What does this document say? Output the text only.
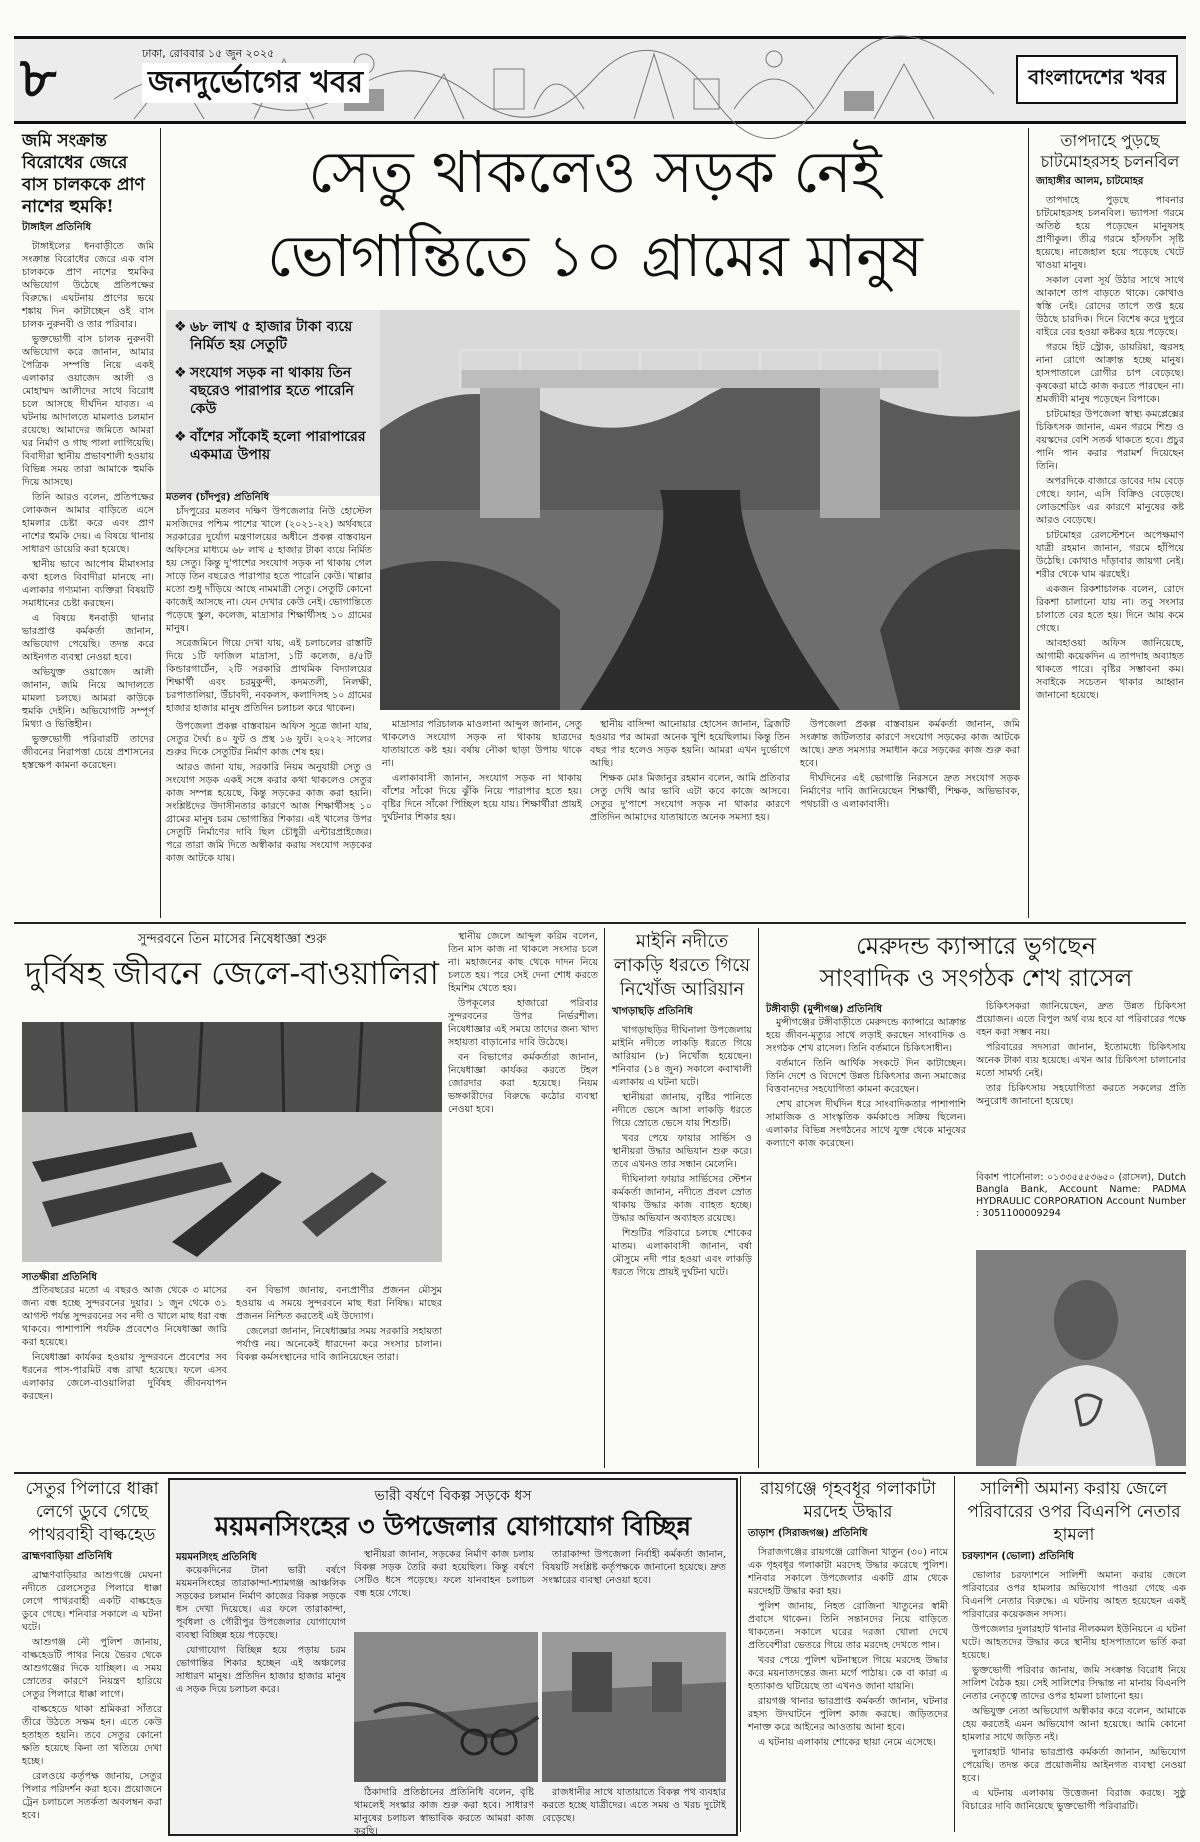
৮	ঢাকা, রোববার ১৫ জুন ২০২৫
জনদুর্ভোগের খবর	বাংলাদেশের খবর
জমি সংক্রান্ত বিরোধের জেরে বাস চালককে প্রাণ নাশের হুমকি!
টাঙ্গাইল প্রতিনিধি

টাঙ্গাইলের ধনবাড়ীতে জমি সংক্রান্ত বিরোধের জেরে এক বাস চালককে প্রাণ নাশের হুমকির অভিযোগ উঠেছে প্রতিপক্ষের বিরুদ্ধে। এঘটনায় প্রাণের ভয়ে শঙ্কায় দিন কাটাচ্ছেন ওই বাস চালক নুরুনবী ও তার পরিবার।

ভুক্তভোগী বাস চালক নুরুনবী অভিযোগ করে জানান, আমার পৈত্রিক সম্পত্তি নিয়ে একই এলাকার ওয়াজেদ আলী ও মোহাম্মদ আলীদের সাথে বিরোধ চলে আসছে দীর্ঘদিন যাবত। এ ঘটনায় আদালতে মামলাও চলমান রয়েছে। আমাদের জমিতে আমরা ঘর নির্মাণ ও গাছ পালা লাগিয়েছি। বিবাদীরা স্থানীয় প্রভাবশালী হওয়ায় বিভিন্ন সময় তারা আমাকে হুমকি দিয়ে আসছে।

তিনি আরও বলেন, প্রতিপক্ষের লোকজন আমার বাড়িতে এসে হামলার চেষ্টা করে এবং প্রাণ নাশের হুমকি দেয়। এ বিষয়ে থানায় সাধারণ ডায়েরি করা হয়েছে।

স্থানীয় ভাবে আপোষ মীমাংসার কথা হলেও বিবাদীরা মানছে না। এলাকার গণ্যমান্য ব্যক্তিরা বিষয়টি সমাধানের চেষ্টা করছেন।

এ বিষয়ে ধনবাড়ী থানার ভারপ্রাপ্ত কর্মকর্তা জানান, অভিযোগ পেয়েছি। তদন্ত করে আইনগত ব্যবস্থা নেওয়া হবে।

অভিযুক্ত ওয়াজেদ আলী জানান, জমি নিয়ে আদালতে মামলা চলছে। আমরা কাউকে হুমকি দেইনি। অভিযোগটি সম্পূর্ণ মিথ্যা ও ভিত্তিহীন।

ভুক্তভোগী পরিবারটি তাদের জীবনের নিরাপত্তা চেয়ে প্রশাসনের হস্তক্ষেপ কামনা করেছেন।

সেতু থাকলেও সড়ক নেই
ভোগান্তিতে ১০ গ্রামের মানুষ
❖ ৬৮ লাখ ৫ হাজার টাকা ব্যয়ে নির্মিত হয় সেতুটি
❖ সংযোগ সড়ক না থাকায় তিন বছরেও পারাপার হতে পারেনি কেউ
❖ বাঁশের সাঁকোই হলো পারাপারের একমাত্র উপায়
মতলব (চাঁদপুর) প্রতিনিধি

চাঁদপুরের মতলব দক্ষিণ উপজেলার নিউ হোস্টেল মসজিদের পশ্চিম পাশের খালে (২০২১-২২) অর্থবছরে সরকারের দুর্যোগ মন্ত্রণালয়ের অধীনে প্রকল্প বাস্তবায়ন অফিসের মাধ্যমে ৬৮ লাখ ৫ হাজার টাকা ব্যয়ে নির্মিত হয় সেতু। কিন্তু দু'পাশের সংযোগ সড়ক না থাকায় গেল সাড়ে তিন বছরেও পারাপার হতে পারেনি কেউ। খাল্লার মতো শুধু দাঁড়িয়ে আছে নামমাত্রী সেতু। সেতুটি কোনো কাজেই আসছে না। যেন দেখার কেউ নেই। ভোগান্তিতে পড়েছে স্কুল, কলেজ, মাদ্রাসার শিক্ষার্থীসহ ১০ গ্রামের মানুষ।

সরেজমিনে গিয়ে দেখা যায়, এই চলাচলের রাস্তাটি দিয়ে ১টি ফাজিল মাদ্রাসা, ১টি কলেজ, ৪/৫টি কিন্ডারগার্টেন, ২টি সরকারি প্রাথমিক বিদ্যালয়ের শিক্ষার্থী এবং চরমুকুন্দী, কদমতলী, নিলক্ষী, চরপাতালিয়া, উঁচাবদী, নবকলস, কলাদিসহ ১০ গ্রামের হাজার হাজার মানুষ প্রতিদিন চলাচল করে থাকেন।

উপজেলা প্রকল্প বাস্তবায়ন অফিস সূত্রে জানা যায়, সেতুর দৈর্ঘ্য ৪০ ফুট ও প্রস্থ ১৬ ফুট। ২০২২ সালের শুরুর দিকে সেতুটির নির্মাণ কাজ শেষ হয়।

আরও জানা যায়, সরকারি নিয়ম অনুযায়ী সেতু ও সংযোগ সড়ক একই সঙ্গে করার কথা থাকলেও সেতুর কাজ সম্পন্ন হয়েছে, কিন্তু সড়কের কাজ করা হয়নি। সংশ্লিষ্টদের উদাসীনতার কারণে আজ শিক্ষার্থীসহ ১০ গ্রামের মানুষ চরম ভোগান্তির শিকার। এই খালের উপর সেতুটি নির্মাণের দাবি ছিল চৌধুরী এন্টারপ্রাইজের। পরে তারা জমি দিতে অস্বীকার করায় সংযোগ সড়কের কাজ আটকে যায়।

মাদ্রাসার পরিচালক মাওলানা আব্দুল জানান, সেতু থাকলেও সংযোগ সড়ক না থাকায় ছাত্রদের যাতায়াতে কষ্ট হয়। বর্ষায় নৌকা ছাড়া উপায় থাকে না।

এলাকাবাসী জানান, সংযোগ সড়ক না থাকায় বাঁশের সাঁকো দিয়ে ঝুঁকি নিয়ে পারাপার হতে হয়। বৃষ্টির দিনে সাঁকো পিচ্ছিল হয়ে যায়। শিক্ষার্থীরা প্রায়ই দুর্ঘটনার শিকার হয়।

স্থানীয় বাসিন্দা আনোয়ার হোসেন জানান, ব্রিজটি হওয়ার পর আমরা অনেক খুশি হয়েছিলাম। কিন্তু তিন বছর পার হলেও সড়ক হয়নি। আমরা এখন দুর্ভোগে আছি।

শিক্ষক মোঃ মিজানুর রহমান বলেন, আমি প্রতিবার সেতু দেখি আর ভাবি এটা কবে কাজে আসবে। সেতুর দু'পাশে সংযোগ সড়ক না থাকার কারণে প্রতিদিন আমাদের যাতায়াতে অনেক সমস্যা হয়।

উপজেলা প্রকল্প বাস্তবায়ন কর্মকর্তা জানান, জমি সংক্রান্ত জটিলতার কারণে সংযোগ সড়কের কাজ আটকে আছে। দ্রুত সমস্যার সমাধান করে সড়কের কাজ শুরু করা হবে।

দীর্ঘদিনের এই ভোগান্তি নিরসনে দ্রুত সংযোগ সড়ক নির্মাণের দাবি জানিয়েছেন শিক্ষার্থী, শিক্ষক, অভিভাবক, পথচারী ও এলাকাবাসী।

তাপদাহে পুড়ছে চাটমোহরসহ চলনবিল
জাহাঙ্গীর আলম, চাটমোহর

তাপদাহে পুড়ছে পাবনার চাটমোহরসহ চলনবিল। ভ্যাপসা গরমে অতিষ্ঠ হয়ে পড়েছেন মানুষসহ প্রাণীকুল। তীব্র গরমে হাঁসফাঁস সৃষ্টি হয়েছে। নাজেহাল হয়ে পড়েছে খেটে খাওয়া মানুষ।

সকাল বেলা সূর্য উঠার সাথে সাথে আকাশে তাপ বাড়তে থাকে। কোথাও স্বস্তি নেই। রোদের তাপে তপ্ত হয়ে উঠছে চারদিক। দিনে বিশেষ করে দুপুরে বাইরে বের হওয়া কষ্টকর হয়ে পড়েছে।

গরমে হিট স্ট্রোক, ডায়রিয়া, জ্বরসহ নানা রোগে আক্রান্ত হচ্ছে মানুষ। হাসপাতালে রোগীর চাপ বেড়েছে। কৃষকেরা মাঠে কাজ করতে পারছেন না। শ্রমজীবী মানুষ পড়েছেন বিপাকে।

চাটমোহর উপজেলা স্বাস্থ্য কমপ্লেক্সের চিকিৎসক জানান, এমন গরমে শিশু ও বয়স্কদের বেশি সতর্ক থাকতে হবে। প্রচুর পানি পান করার পরামর্শ দিয়েছেন তিনি।

অপরদিকে বাজারে ডাবের দাম বেড়ে গেছে। ফ্যান, এসি বিক্রিও বেড়েছে। লোডশেডিং এর কারণে মানুষের কষ্ট আরও বেড়েছে।

চাটমোহর রেলস্টেশনে অপেক্ষমাণ যাত্রী রহমান জানান, গরমে হাঁপিয়ে উঠেছি। কোথাও দাঁড়াবার জায়গা নেই। শরীর থেকে ঘাম ঝরছেই।

একজন রিকশাচালক বলেন, রোদে রিকশা চালানো যায় না। তবু সংসার চালাতে বের হতে হয়। দিনে আয় কমে গেছে।

আবহাওয়া অফিস জানিয়েছে, আগামী কয়েকদিন এ তাপদাহ অব্যাহত থাকতে পারে। বৃষ্টির সম্ভাবনা কম। সবাইকে সচেতন থাকার আহ্বান জানানো হয়েছে।

সুন্দরবনে তিন মাসের নিষেধাজ্ঞা শুরু
দুর্বিষহ জীবনে জেলে-বাওয়ালিরা
সাতক্ষীরা প্রতিনিধি

প্রতিবছরের মতো এ বছরও আজ থেকে ৩ মাসের জন্য বন্ধ হচ্ছে সুন্দরবনের দুয়ার। ১ জুন থেকে ৩১ আগস্ট পর্যন্ত সুন্দরবনের সব নদী ও খালে মাছ ধরা বন্ধ থাকবে। পাশাপাশি পর্যটক প্রবেশেও নিষেধাজ্ঞা জারি করা হয়েছে।

নিষেধাজ্ঞা কার্যকর হওয়ায় সুন্দরবনে প্রবেশের সব ধরনের পাস-পারমিট বন্ধ রাখা হয়েছে। ফলে এসব এলাকার জেলে-বাওয়ালিরা দুর্বিষহ জীবনযাপন করছেন।

বন বিভাগ জানায়, বন্যপ্রাণীর প্রজনন মৌসুম হওয়ায় এ সময়ে সুন্দরবনে মাছ ধরা নিষিদ্ধ। মাছের প্রজনন নিশ্চিত করতেই এই উদ্যোগ।

জেলেরা জানান, নিষেধাজ্ঞার সময় সরকারি সহায়তা পর্যাপ্ত নয়। অনেকেই ধারদেনা করে সংসার চালান। বিকল্প কর্মসংস্থানের দাবি জানিয়েছেন তারা।

স্থানীয় জেলে আব্দুল করিম বলেন, তিন মাস কাজ না থাকলে সংসার চলে না। মহাজনের কাছ থেকে দাদন নিয়ে চলতে হয়। পরে সেই দেনা শোধ করতে হিমশিম খেতে হয়।

উপকূলের হাজারো পরিবার সুন্দরবনের উপর নির্ভরশীল। নিষেধাজ্ঞার এই সময়ে তাদের জন্য খাদ্য সহায়তা বাড়ানোর দাবি উঠেছে।

বন বিভাগের কর্মকর্তারা জানান, নিষেধাজ্ঞা কার্যকর করতে টহল জোরদার করা হয়েছে। নিয়ম ভঙ্গকারীদের বিরুদ্ধে কঠোর ব্যবস্থা নেওয়া হবে।

মাইনি নদীতে লাকড়ি ধরতে গিয়ে নিখোঁজ আরিয়ান
খাগড়াছড়ি প্রতিনিধি

খাগড়াছড়ির দীঘিনালা উপজেলায় মাইনি নদীতে লাকড়ি ধরতে গিয়ে আরিয়ান (৮) নিখোঁজ হয়েছেন। শনিবার (১৪ জুন) সকালে কবাখালী এলাকায় এ ঘটনা ঘটে।

স্থানীয়রা জানায়, বৃষ্টির পানিতে নদীতে ভেসে আসা লাকড়ি ধরতে গিয়ে স্রোতে ভেসে যায় শিশুটি।

খবর পেয়ে ফায়ার সার্ভিস ও স্থানীয়রা উদ্ধার অভিযান শুরু করে। তবে এখনও তার সন্ধান মেলেনি।

দীঘিনালা ফায়ার সার্ভিসের স্টেশন কর্মকর্তা জানান, নদীতে প্রবল স্রোত থাকায় উদ্ধার কাজ ব্যাহত হচ্ছে। উদ্ধার অভিযান অব্যাহত রয়েছে।

শিশুটির পরিবারে চলছে শোকের মাতম। এলাকাবাসী জানান, বর্ষা মৌসুমে নদী পার হওয়া এবং লাকড়ি ধরতে গিয়ে প্রায়ই দুর্ঘটনা ঘটে।

মেরুদন্ড ক্যান্সারে ভুগছেন
সাংবাদিক ও সংগঠক শেখ রাসেল
টঙ্গীবাড়ী (মুন্সীগঞ্জ) প্রতিনিধি

মুন্সীগঞ্জের টঙ্গীবাড়ীতে মেরুদন্ডে ক্যান্সারে আক্রান্ত হয়ে জীবন-মৃত্যুর সাথে লড়াই করছেন সাংবাদিক ও সংগঠক শেখ রাসেল। তিনি বর্তমানে চিকিৎসাধীন।

বর্তমানে তিনি আর্থিক সংকটে দিন কাটাচ্ছেন। তিনি দেশে ও বিদেশে উন্নত চিকিৎসার জন্য সমাজের বিত্তবানদের সহযোগিতা কামনা করেছেন।

শেখ রাসেল দীর্ঘদিন ধরে সাংবাদিকতার পাশাপাশি সামাজিক ও সাংস্কৃতিক কর্মকাণ্ডে সক্রিয় ছিলেন। এলাকার বিভিন্ন সংগঠনের সাথে যুক্ত থেকে মানুষের কল্যাণে কাজ করেছেন।

চিকিৎসকরা জানিয়েছেন, দ্রুত উন্নত চিকিৎসা প্রয়োজন। এতে বিপুল অর্থ ব্যয় হবে যা পরিবারের পক্ষে বহন করা সম্ভব নয়।

পরিবারের সদস্যরা জানান, ইতোমধ্যে চিকিৎসায় অনেক টাকা ব্যয় হয়েছে। এখন আর চিকিৎসা চালানোর মতো সামর্থ্য নেই।

তার চিকিৎসায় সহযোগিতা করতে সকলের প্রতি অনুরোধ জানানো হয়েছে।

বিকাশ পার্সোনাল: ০১৩৩৫৫৫৩৬৫০ (রাসেল), Dutch Bangla Bank, Account Name: PADMA HYDRAULIC CORPORATION Account Number : 3051100009294
সেতুর পিলারে ধাক্কা লেগে ডুবে গেছে পাথরবাহী বাল্কহেড
ব্রাহ্মণবাড়িয়া প্রতিনিধি

ব্রাহ্মণবাড়িয়ার আশুগঞ্জে মেঘনা নদীতে রেলসেতুর পিলারে ধাক্কা লেগে পাথরবাহী একটি বাল্কহেড ডুবে গেছে। শনিবার সকালে এ ঘটনা ঘটে।

আশুগঞ্জ নৌ পুলিশ জানায়, বাল্কহেডটি পাথর নিয়ে ভৈরব থেকে আশুগঞ্জের দিকে যাচ্ছিল। এ সময় স্রোতের কারণে নিয়ন্ত্রণ হারিয়ে সেতুর পিলারে ধাক্কা লাগে।

বাল্কহেডে থাকা শ্রমিকরা সাঁতরে তীরে উঠতে সক্ষম হন। এতে কেউ হতাহত হয়নি। তবে সেতুর কোনো ক্ষতি হয়েছে কিনা তা খতিয়ে দেখা হচ্ছে।

রেলওয়ে কর্তৃপক্ষ জানায়, সেতুর পিলার পরিদর্শন করা হবে। প্রয়োজনে ট্রেন চলাচলে সতর্কতা অবলম্বন করা হবে।

ভারী বর্ষণে বিকল্প সড়কে ধস
ময়মনসিংহের ৩ উপজেলার যোগাযোগ বিচ্ছিন্ন
ময়মনসিংহ প্রতিনিধি

কয়েকদিনের টানা ভারী বর্ষণে ময়মনসিংহের তারাকান্দা-শ্যামগঞ্জ আঞ্চলিক সড়কের চলমান নির্মাণ কাজের বিকল্প সড়কে ধস দেখা দিয়েছে। এর ফলে তারাকান্দা, পূর্বধলা ও গৌরীপুর উপজেলার যোগাযোগ ব্যবস্থা বিচ্ছিন্ন হয়ে পড়েছে।

যোগাযোগ বিচ্ছিন্ন হয়ে পড়ায় চরম ভোগান্তির শিকার হচ্ছেন এই অঞ্চলের সাধারণ মানুষ। প্রতিদিন হাজার হাজার মানুষ এ সড়ক দিয়ে চলাচল করে।

স্থানীয়রা জানান, সড়কের নির্মাণ কাজ চলায় বিকল্প সড়ক তৈরি করা হয়েছিল। কিন্তু বর্ষণে সেটিও ধসে পড়েছে। ফলে যানবাহন চলাচল বন্ধ হয়ে গেছে।

তারাকান্দা উপজেলা নির্বাহী কর্মকর্তা জানান, বিষয়টি সংশ্লিষ্ট কর্তৃপক্ষকে জানানো হয়েছে। দ্রুত সংস্কারের ব্যবস্থা নেওয়া হবে।

ঠিকাদারি প্রতিষ্ঠানের প্রতিনিধি বলেন, বৃষ্টি থামলেই সংস্কার কাজ শুরু করা হবে। সাধারণ মানুষের চলাচল স্বাভাবিক করতে আমরা কাজ করছি।

রাজধানীর সাথে যাতায়াতে বিকল্প পথ ব্যবহার করতে হচ্ছে যাত্রীদের। এতে সময় ও খরচ দুটোই বেড়েছে।

রায়গঞ্জে গৃহবধূর গলাকাটা মরদেহ উদ্ধার
তাড়াশ (সিরাজগঞ্জ) প্রতিনিধি

সিরাজগঞ্জের রায়গঞ্জে রোজিনা খাতুন (৩০) নামে এক গৃহবধূর গলাকাটা মরদেহ উদ্ধার করেছে পুলিশ। শনিবার সকালে উপজেলার একটি গ্রাম থেকে মরদেহটি উদ্ধার করা হয়।

পুলিশ জানায়, নিহত রোজিনা খাতুনের স্বামী প্রবাসে থাকেন। তিনি সন্তানদের নিয়ে বাড়িতে থাকতেন। সকালে ঘরের দরজা খোলা দেখে প্রতিবেশীরা ভেতরে গিয়ে তার মরদেহ দেখতে পান।

খবর পেয়ে পুলিশ ঘটনাস্থলে গিয়ে মরদেহ উদ্ধার করে ময়নাতদন্তের জন্য মর্গে পাঠায়। কে বা কারা এ হত্যাকাণ্ড ঘটিয়েছে তা এখনও জানা যায়নি।

রায়গঞ্জ থানার ভারপ্রাপ্ত কর্মকর্তা জানান, ঘটনার রহস্য উদঘাটনে পুলিশ কাজ করছে। জড়িতদের শনাক্ত করে আইনের আওতায় আনা হবে।

এ ঘটনায় এলাকায় শোকের ছায়া নেমে এসেছে।

সালিশী অমান্য করায় জেলে পরিবারের ওপর বিএনপি নেতার হামলা
চরফ্যাশন (ভোলা) প্রতিনিধি

ভোলার চরফ্যাশনে সালিশী অমান্য করায় জেলে পরিবারের ওপর হামলার অভিযোগ পাওয়া গেছে এক বিএনপি নেতার বিরুদ্ধে। এ ঘটনায় আহত হয়েছেন একই পরিবারের কয়েকজন সদস্য।

উপজেলার দুলারহাট থানার নীলকমল ইউনিয়নে এ ঘটনা ঘটে। আহতদের উদ্ধার করে স্থানীয় হাসপাতালে ভর্তি করা হয়েছে।

ভুক্তভোগী পরিবার জানায়, জমি সংক্রান্ত বিরোধ নিয়ে সালিশ বৈঠক হয়। সেই সালিশের সিদ্ধান্ত না মানায় বিএনপি নেতার নেতৃত্বে তাদের ওপর হামলা চালানো হয়।

অভিযুক্ত নেতা অভিযোগ অস্বীকার করে বলেন, আমাকে হেয় করতেই এমন অভিযোগ আনা হয়েছে। আমি কোনো হামলার সাথে জড়িত নই।

দুলারহাট থানার ভারপ্রাপ্ত কর্মকর্তা জানান, অভিযোগ পেয়েছি। তদন্ত করে প্রয়োজনীয় আইনগত ব্যবস্থা নেওয়া হবে।

এ ঘটনায় এলাকায় উত্তেজনা বিরাজ করছে। সুষ্ঠু বিচারের দাবি জানিয়েছে ভুক্তভোগী পরিবারটি।
